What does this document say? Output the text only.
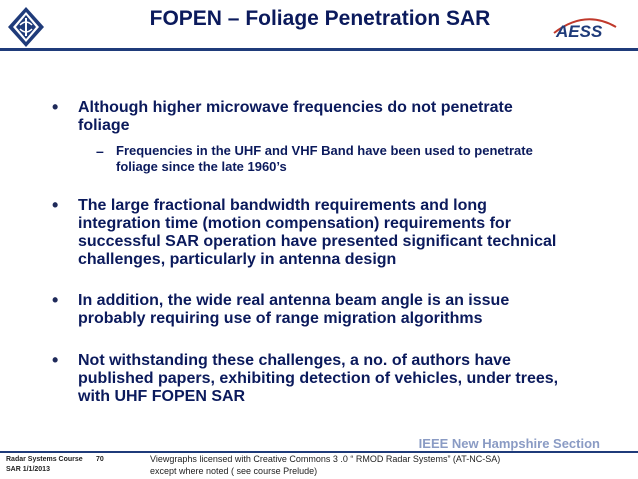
FOPEN – Foliage Penetration SAR
AESS
• Although higher microwave frequencies do not penetrate foliage
– Frequencies in the UHF and VHF Band have been used to penetrate foliage since the late 1960’s
• The large fractional bandwidth requirements and long integration time (motion compensation) requirements for successful SAR operation have presented significant technical challenges, particularly in antenna design
• In addition, the wide real antenna beam angle is an issue probably requiring use of range migration algorithms
• Not withstanding these challenges, a no. of authors have published papers, exhibiting detection of vehicles, under trees, with UHF FOPEN SAR
IEEE New Hampshire Section
Radar Systems Course 70
SAR 1/1/2013
Viewgraphs licensed with Creative Commons 3 .0 “ RMOD Radar Systems” (AT-NC-SA)
except where noted ( see course Prelude)
